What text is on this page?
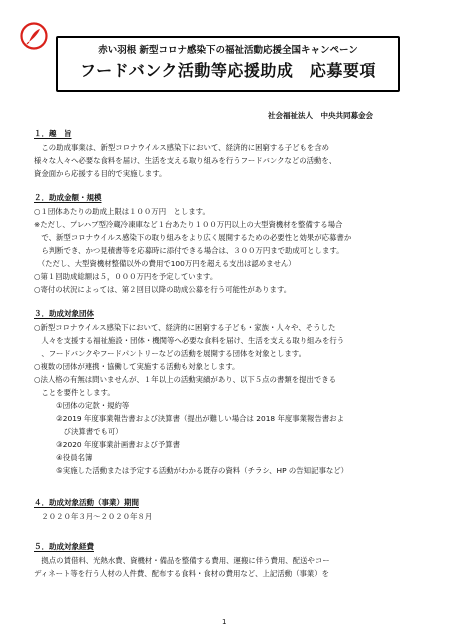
赤い羽根 新型コロナ感染下の福祉活動応援全国キャンペーン
フードバンク活動等応援助成　応募要項
社会福祉法人　中央共同募金会
１．趣　旨
　この助成事業は、新型コロナウイルス感染下において、経済的に困窮する子どもを含め
様々な人々へ必要な食料を届け、生活を支える取り組みを行うフードバンクなどの活動を、
資金面から応援する目的で実施します。
２．助成金額・規模
○１団体あたりの助成上限は１００万円　とします。
※ただし、プレハブ型冷蔵冷凍庫など１台あたり１００万円以上の大型資機材を整備する場合
　で、新型コロナウイルス感染下の取り組みをより広く展開するための必要性と効果が応募書か
　ら判断でき、かつ見積書等を応募時に添付できる場合は、３００万円まで助成可とします。
　（ただし、大型資機材整備以外の費用で100万円を超える支出は認めません）
○第１回助成総額は５，０００万円を予定しています。
○寄付の状況によっては、第２回目以降の助成公募を行う可能性があります。
３．助成対象団体
○新型コロナウイルス感染下において、経済的に困窮する子ども・家族・人々や、そうした
　人々を支援する福祉施設・団体・機関等へ必要な食料を届け、生活を支える取り組みを行う
　、フードバンクやフードパントリーなどの活動を展開する団体を対象とします。
○複数の団体が連携・協働して実施する活動も対象とします。
○法人格の有無は問いませんが、１年以上の活動実績があり、以下５点の書類を提出できる
　ことを要件とします。
　　　①団体の定款・規約等
　　　②2019 年度事業報告書および決算書（提出が難しい場合は 2018 年度事業報告書およ
　　　　び決算書でも可）
　　　③2020 年度事業計画書および予算書
　　　④役員名簿
　　　⑤実施した活動または予定する活動がわかる既存の資料（チラシ、HP の告知記事など）
４．助成対象活動（事業）期間
　２０２０年３月～２０２０年８月
５．助成対象経費
　拠点の賃借料、光熱水費、資機材・備品を整備する費用、運搬に伴う費用、配送やコー
ディネート等を行う人材の人件費、配布する食料・食材の費用など、上記活動（事業）を
1
